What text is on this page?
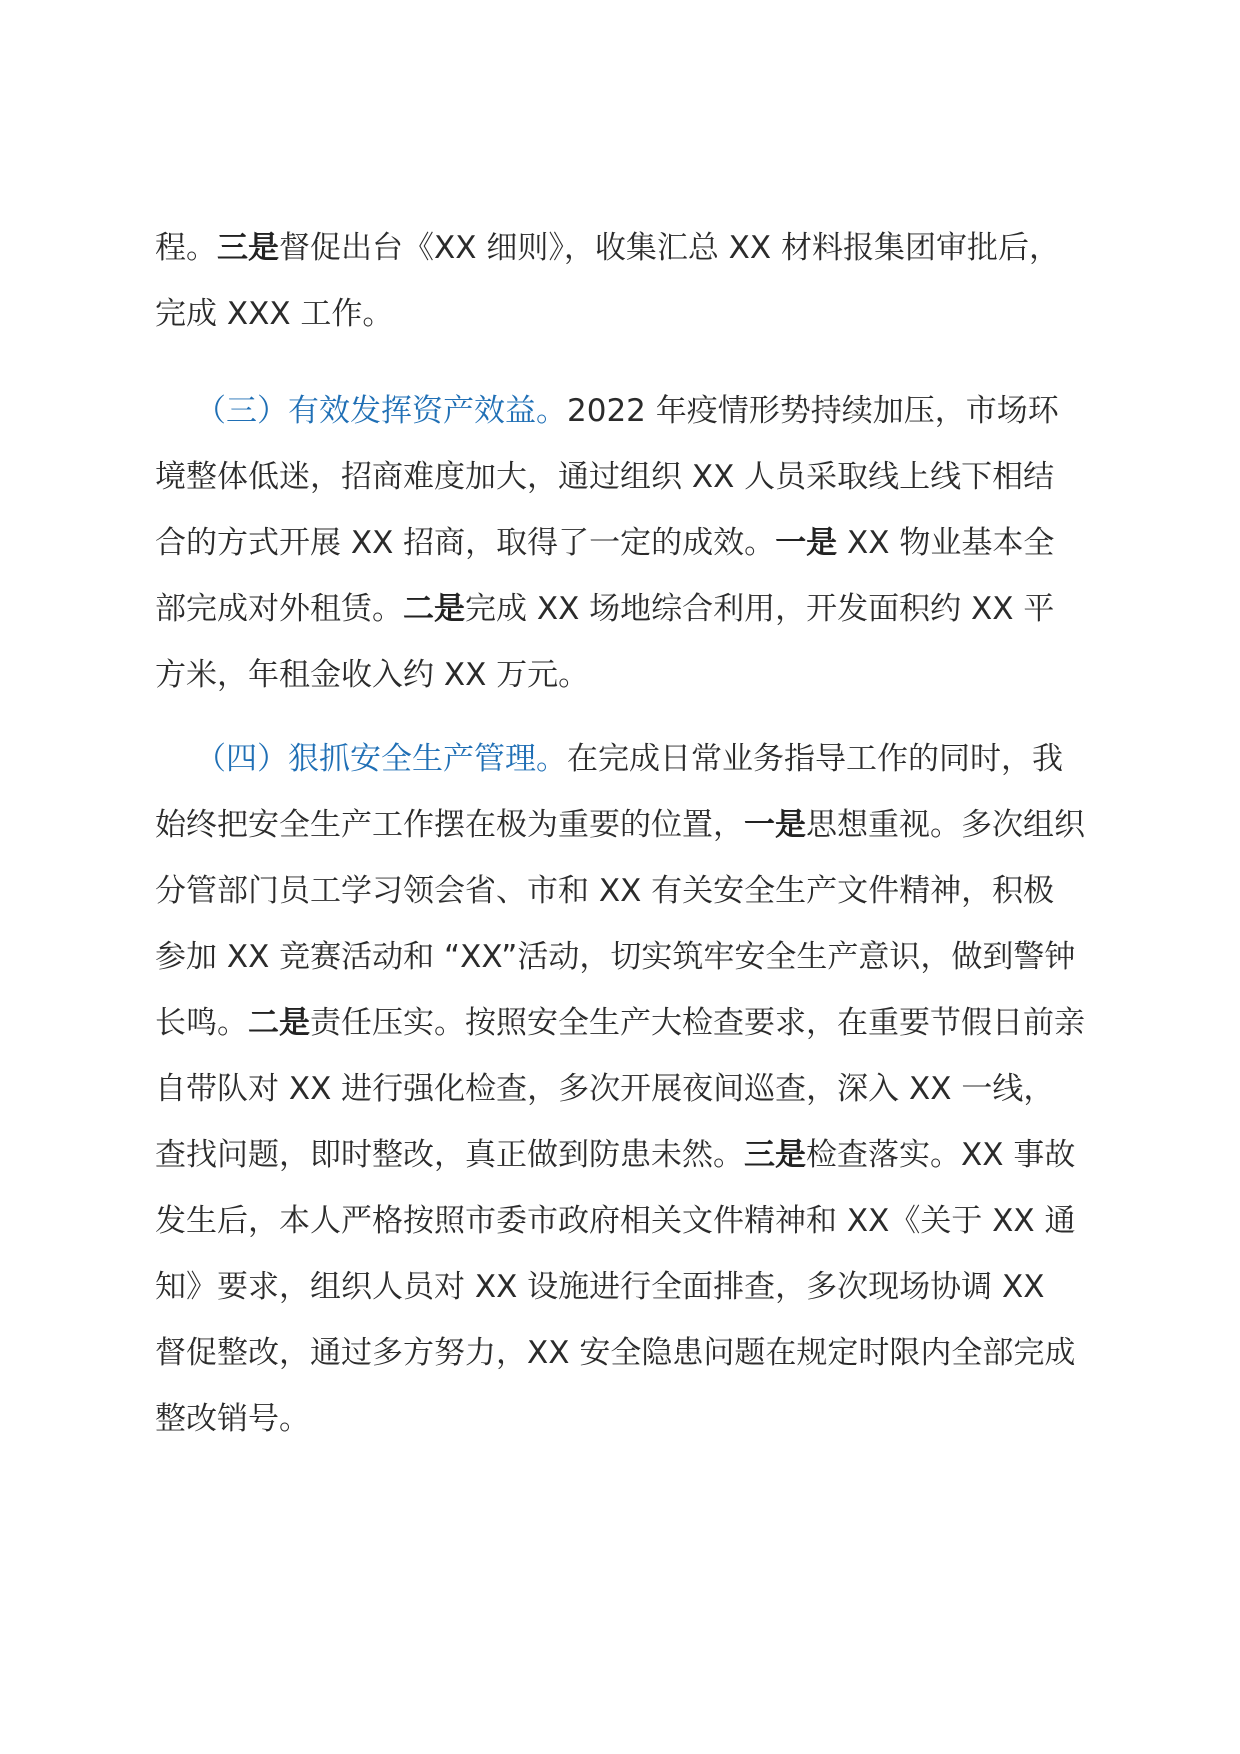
程。三是督促出台《XX 细则》，收集汇总 XX 材料报集团审批后，完成 XXX 工作。

（三）有效发挥资产效益。2022 年疫情形势持续加压，市场环境整体低迷，招商难度加大，通过组织 XX 人员采取线上线下相结合的方式开展 XX 招商，取得了一定的成效。一是 XX 物业基本全部完成对外租赁。二是完成 XX 场地综合利用，开发面积约 XX 平方米，年租金收入约 XX 万元。

（四）狠抓安全生产管理。在完成日常业务指导工作的同时，我始终把安全生产工作摆在极为重要的位置，一是思想重视。多次组织分管部门员工学习领会省、市和 XX 有关安全生产文件精神，积极参加 XX 竞赛活动和 “XX”活动，切实筑牢安全生产意识，做到警钟长鸣。二是责任压实。按照安全生产大检查要求，在重要节假日前亲自带队对 XX 进行强化检查，多次开展夜间巡查，深入 XX 一线，查找问题，即时整改，真正做到防患未然。三是检查落实。XX 事故发生后，本人严格按照市委市政府相关文件精神和 XX《关于 XX 通知》要求，组织人员对 XX 设施进行全面排查，多次现场协调 XX 督促整改，通过多方努力，XX 安全隐患问题在规定时限内全部完成整改销号。
